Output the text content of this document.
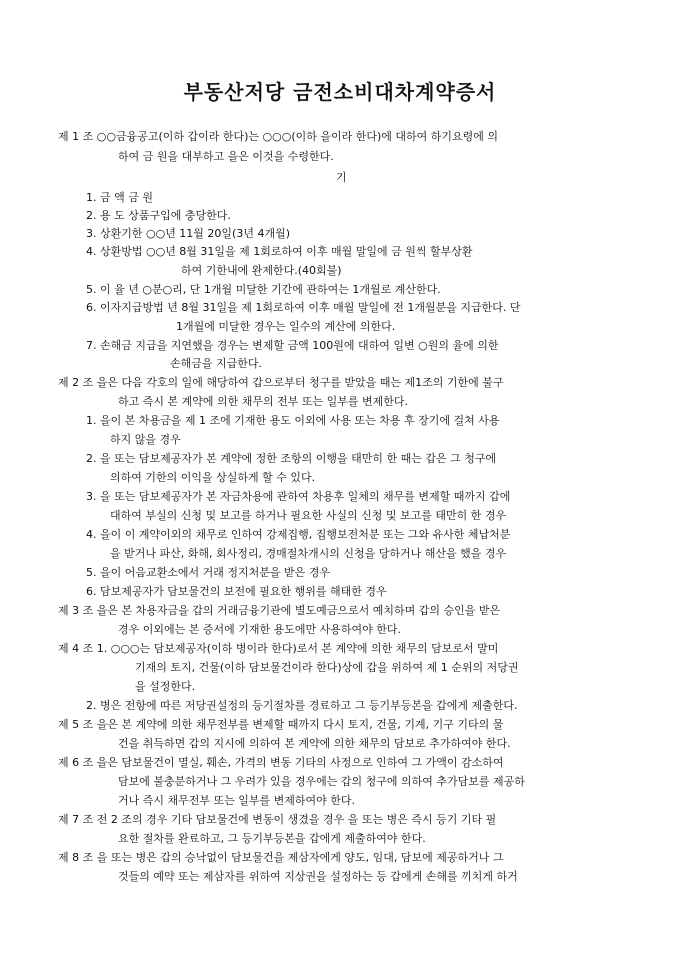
부동산저당 금전소비대차계약증서
기
제 1 조 ○○금융공고(이하 갑이라 한다)는 ○○○(이하 을이라 한다)에 대하여 하기요령에 의
하여 금 원을 대부하고 을은 이것을 수령한다.
1. 금 액 금 원
2. 용 도 상품구입에 충당한다.
3. 상환기한 ○○년 11월 20일(3년 4개월)
4. 상환방법 ○○년 8월 31일을 제 1회로하여 이후 매월 말일에 금 원씩 할부상환
하여 기한내에 완제한다.(40회불)
5. 이 율 년 ○분○리, 단 1개월 미달한 기간에 관하여는 1개월로 계산한다.
6. 이자지급방법 년 8월 31일을 제 1회로하여 이후 매월 말일에 전 1개월분을 지급한다. 단
1개월에 미달한 경우는 일수의 계산에 의한다.
7. 손해금 지급을 지연했을 경우는 변제할 금액 100원에 대하여 일변 ○원의 율에 의한
손해금을 지급한다.
제 2 조 을은 다음 각호의 일에 해당하여 갑으로부터 청구를 받았을 때는 제1조의 기한에 불구
하고 즉시 본 계약에 의한 채무의 전부 또는 일부를 변제한다.
1. 을이 본 차용금을 제 1 조에 기재한 용도 이외에 사용 또는 차용 후 장기에 걸쳐 사용
하지 않을 경우
2. 을 또는 담보제공자가 본 계약에 정한 조항의 이행을 태만히 한 때는 갑은 그 청구에
의하여 기한의 이익을 상실하게 할 수 있다.
3. 을 또는 담보제공자가 본 자금차용에 관하여 차용후 일체의 채무를 변제할 때까지 갑에
대하여 부실의 신청 및 보고를 하거나 필요한 사실의 신청 및 보고를 태만히 한 경우
4. 을이 이 계약이외의 채무로 인하여 강제집행, 집행보전처분 또는 그와 유사한 체납처분
을 받거나 파산, 화해, 회사정리, 경매절차개시의 신청을 당하거나 해산을 했을 경우
5. 을이 어음교환소에서 거래 정지처분을 받은 경우
6. 담보제공자가 담보물건의 보전에 필요한 행위를 해태한 경우
제 3 조 을은 본 차용자금을 갑의 거래금융기관에 별도예금으로서 예치하며 갑의 승인을 받은
경우 이외에는 본 증서에 기재한 용도에만 사용하여야 한다.
제 4 조 1. ○○○는 담보제공자(이하 병이라 한다)로서 본 계약에 의한 채무의 담보로서 말미
기재의 토지, 건물(이하 담보물건이라 한다)상에 갑을 위하여 제 1 순위의 저당권
을 설정한다.
2. 병은 전항에 따른 저당권설정의 등기절차를 경료하고 그 등기부등본을 갑에게 제출한다.
제 5 조 을은 본 계약에 의한 채무전부를 변제할 때까지 다시 토지, 건물, 기계, 기구 기타의 물
건을 취득하면 갑의 지시에 의하여 본 계약에 의한 채무의 담보로 추가하여야 한다.
제 6 조 을은 담보물건이 멸실, 훼손, 가격의 변동 기타의 사정으로 인하여 그 가액이 감소하여
담보에 불충분하거나 그 우려가 있을 경우에는 갑의 청구에 의하여 추가담보를 제공하
거나 즉시 채무전부 또는 일부를 변제하여야 한다.
제 7 조 전 2 조의 경우 기타 담보물건에 변동이 생겼을 경우 을 또는 병은 즉시 등기 기타 필
요한 절차를 완료하고, 그 등기부등본을 갑에게 제출하여야 한다.
제 8 조 을 또는 병은 갑의 승낙없이 담보물건을 제삼자에게 양도, 임대, 담보에 제공하거나 그
것들의 예약 또는 제삼자를 위하여 지상권을 설정하는 등 갑에게 손해를 끼치게 하거
